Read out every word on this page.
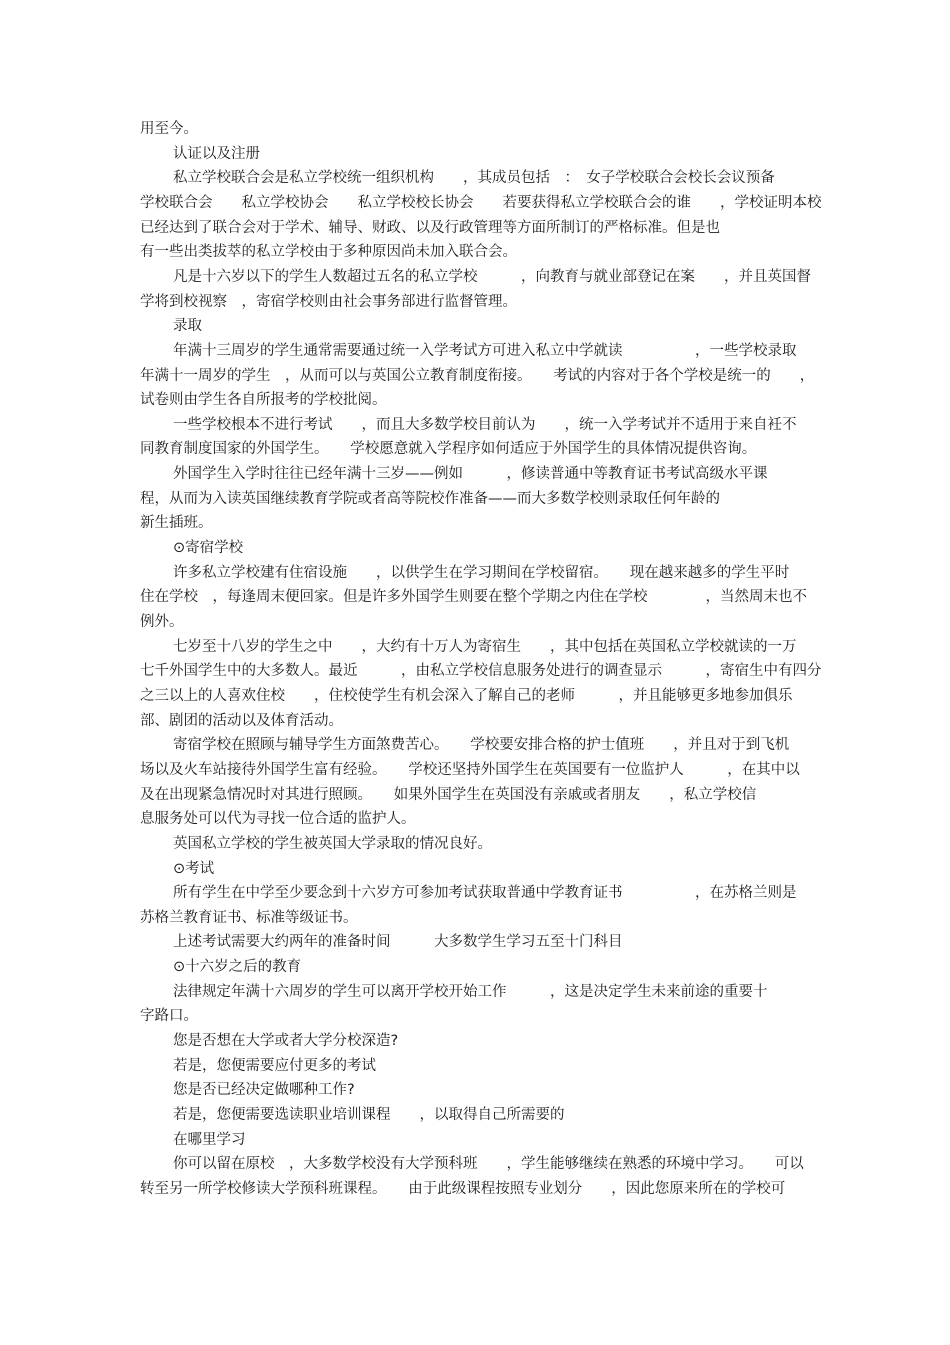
用至今。

认证以及注册

私立学校联合会是私立学校统一组织机构　　，其成员包括　：　女子学校联合会校长会议预备

学校联合会　　私立学校协会　　私立学校校长协会　　若要获得私立学校联合会的谁　　，学校证明本校

已经达到了联合会对于学术、辅导、财政、以及行政管理等方面所制订的严格标准。但是也

有一些出类拔萃的私立学校由于多种原因尚未加入联合会。

凡是十六岁以下的学生人数超过五名的私立学校　　　，向教育与就业部登记在案　　，并且英国督

学将到校视察　，寄宿学校则由社会事务部进行监督管理。

录取

年满十三周岁的学生通常需要通过统一入学考试方可进入私立中学就读　　　　　，一些学校录取

年满十一周岁的学生　，从而可以与英国公立教育制度衔接。　　考试的内容对于各个学校是统一的　　，

试卷则由学生各自所报考的学校批阅。

一些学校根本不进行考试　　，而且大多数学校目前认为　　，统一入学考试并不适用于来自衽不

同教育制度国家的外国学生。　　学校愿意就入学程序如何适应于外国学生的具体情况提供咨询。

外国学生入学时往往已经年满十三岁——例如　　　，修读普通中等教育证书考试高级水平课

程，从而为入读英国继续教育学院或者高等院校作准备——而大多数学校则录取任何年龄的

新生插班。

⊙寄宿学校

许多私立学校建有住宿设施　　，以供学生在学习期间在学校留宿。　　现在越来越多的学生平时

住在学校　，每逢周末便回家。但是许多外国学生则要在整个学期之内住在学校　　　　，当然周末也不

例外。

七岁至十八岁的学生之中　　，大约有十万人为寄宿生　　，其中包括在英国私立学校就读的一万

七千外国学生中的大多数人。最近　　　，由私立学校信息服务处进行的调查显示　　　，寄宿生中有四分

之三以上的人喜欢住校　　，住校使学生有机会深入了解自己的老师　　　，并且能够更多地参加俱乐

部、剧团的活动以及体育活动。

寄宿学校在照顾与辅导学生方面煞费苦心。　　学校要安排合格的护士值班　　，并且对于到飞机

场以及火车站接待外国学生富有经验。　　学校还坚持外国学生在英国要有一位监护人　　　，在其中以

及在出现紧急情况时对其进行照顾。　　如果外国学生在英国没有亲戚或者朋友　　，私立学校信

息服务处可以代为寻找一位合适的监护人。

英国私立学校的学生被英国大学录取的情况良好。

⊙考试

所有学生在中学至少要念到十六岁方可参加考试获取普通中学教育证书　　　　　，在苏格兰则是

苏格兰教育证书、标准等级证书。

上述考试需要大约两年的准备时间　　　大多数学生学习五至十门科目

⊙十六岁之后的教育

法律规定年满十六周岁的学生可以离开学校开始工作　　　，这是决定学生未来前途的重要十

字路口。

您是否想在大学或者大学分校深造?

若是，您便需要应付更多的考试

您是否已经决定做哪种工作?

若是，您便需要选读职业培训课程　　，以取得自己所需要的

在哪里学习

你可以留在原校　，大多数学校没有大学预科班　　，学生能够继续在熟悉的环境中学习。　　可以

转至另一所学校修读大学预科班课程。　　由于此级课程按照专业划分　　，因此您原来所在的学校可
